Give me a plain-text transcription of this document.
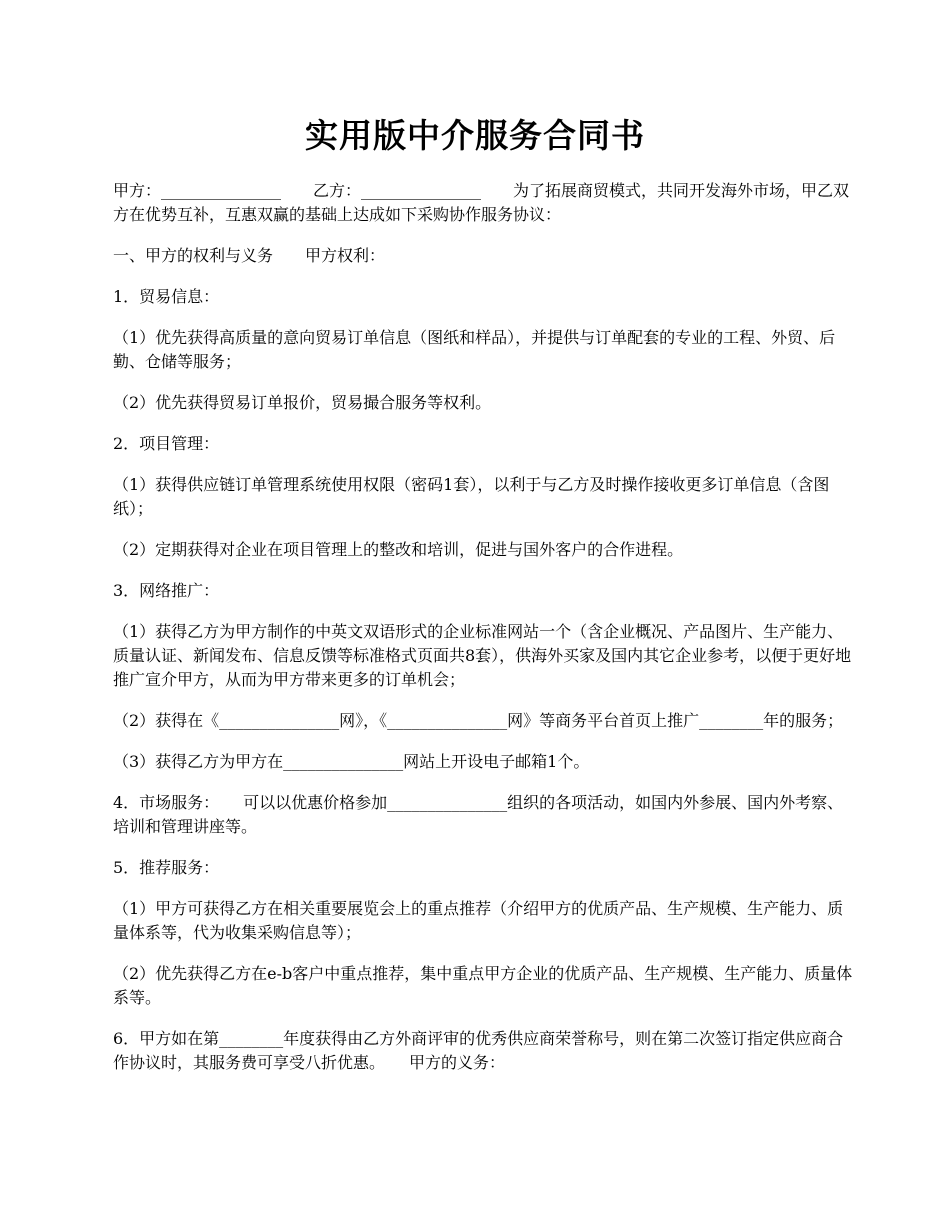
实用版中介服务合同书

甲方：_______________　　乙方：_______________　　为了拓展商贸模式，共同开发海外市场，甲乙双方在优势互补，互惠双赢的基础上达成如下采购协作服务协议：

一、甲方的权利与义务　　甲方权利：

1．贸易信息：

（1）优先获得高质量的意向贸易订单信息（图纸和样品），并提供与订单配套的专业的工程、外贸、后勤、仓储等服务；

（2）优先获得贸易订单报价，贸易撮合服务等权利。

2．项目管理：

（1）获得供应链订单管理系统使用权限（密码1套），以利于与乙方及时操作接收更多订单信息（含图纸）；

（2）定期获得对企业在项目管理上的整改和培训，促进与国外客户的合作进程。

3．网络推广：

（1）获得乙方为甲方制作的中英文双语形式的企业标准网站一个（含企业概况、产品图片、生产能力、质量认证、新闻发布、信息反馈等标准格式页面共8套），供海外买家及国内其它企业参考，以便于更好地推广宣介甲方，从而为甲方带来更多的订单机会；

（2）获得在《_______________网》，《_______________网》等商务平台首页上推广________年的服务；

（3）获得乙方为甲方在_______________网站上开设电子邮箱1个。

4．市场服务：　　可以以优惠价格参加_______________组织的各项活动，如国内外参展、国内外考察、培训和管理讲座等。

5．推荐服务：

（1）甲方可获得乙方在相关重要展览会上的重点推荐（介绍甲方的优质产品、生产规模、生产能力、质量体系等，代为收集采购信息等）；

（2）优先获得乙方在e-b客户中重点推荐，集中重点甲方企业的优质产品、生产规模、生产能力、质量体系等。

6．甲方如在第________年度获得由乙方外商评审的优秀供应商荣誉称号，则在第二次签订指定供应商合作协议时，其服务费可享受八折优惠。　　甲方的义务：
